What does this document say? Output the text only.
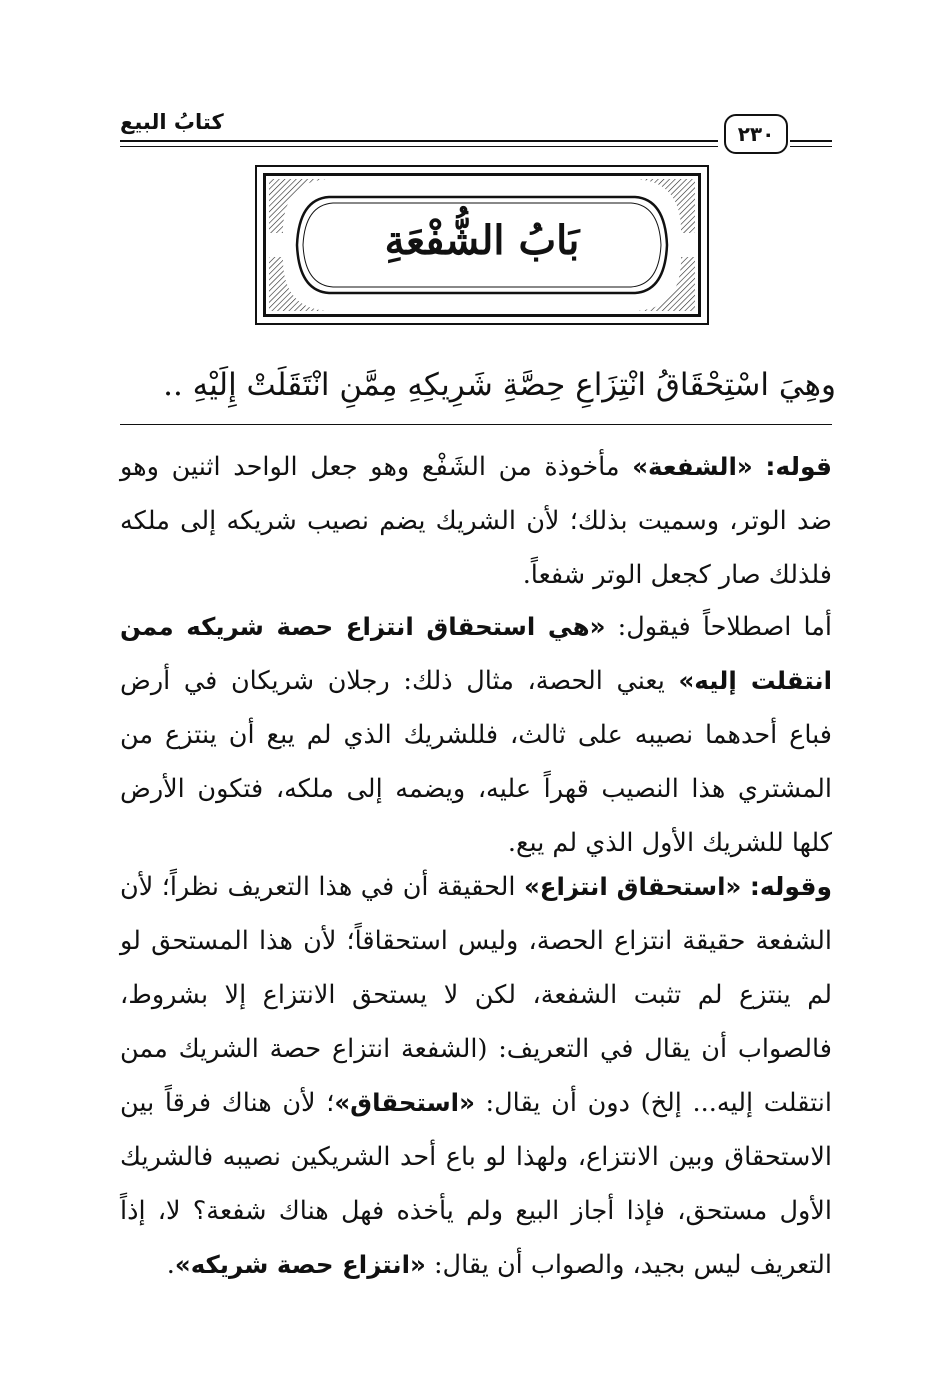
كتابُ البيع	٢٣٠
بَابُ الشُّفْعَةِ
وهِيَ اسْتِحْقَاقُ انْتِزَاعِ حِصَّةِ شَرِيكِهِ مِمَّنِ انْتَقَلَتْ إِلَيْهِ ..

قوله: «الشفعة» مأخوذة من الشَفْع وهو جعل الواحد اثنين وهو ضد الوتر، وسميت بذلك؛ لأن الشريك يضم نصيب شريكه إلى ملكه فلذلك صار كجعل الوتر شفعاً.

أما اصطلاحاً فيقول: «هي استحقاق انتزاع حصة شريكه ممن انتقلت إليه» يعني الحصة، مثال ذلك: رجلان شريكان في أرض فباع أحدهما نصيبه على ثالث، فللشريك الذي لم يبع أن ينتزع من المشتري هذا النصيب قهراً عليه، ويضمه إلى ملكه، فتكون الأرض كلها للشريك الأول الذي لم يبع.

وقوله: «استحقاق انتزاع» الحقيقة أن في هذا التعريف نظراً؛ لأن الشفعة حقيقة انتزاع الحصة، وليس استحقاقاً؛ لأن هذا المستحق لو لم ينتزع لم تثبت الشفعة، لكن لا يستحق الانتزاع إلا بشروط، فالصواب أن يقال في التعريف: (الشفعة انتزاع حصة الشريك ممن انتقلت إليه... إلخ) دون أن يقال: «استحقاق»؛ لأن هناك فرقاً بين الاستحقاق وبين الانتزاع، ولهذا لو باع أحد الشريكين نصيبه فالشريك الأول مستحق، فإذا أجاز البيع ولم يأخذه فهل هناك شفعة؟ لا، إذاً التعريف ليس بجيد، والصواب أن يقال: «انتزاع حصة شريكه».
